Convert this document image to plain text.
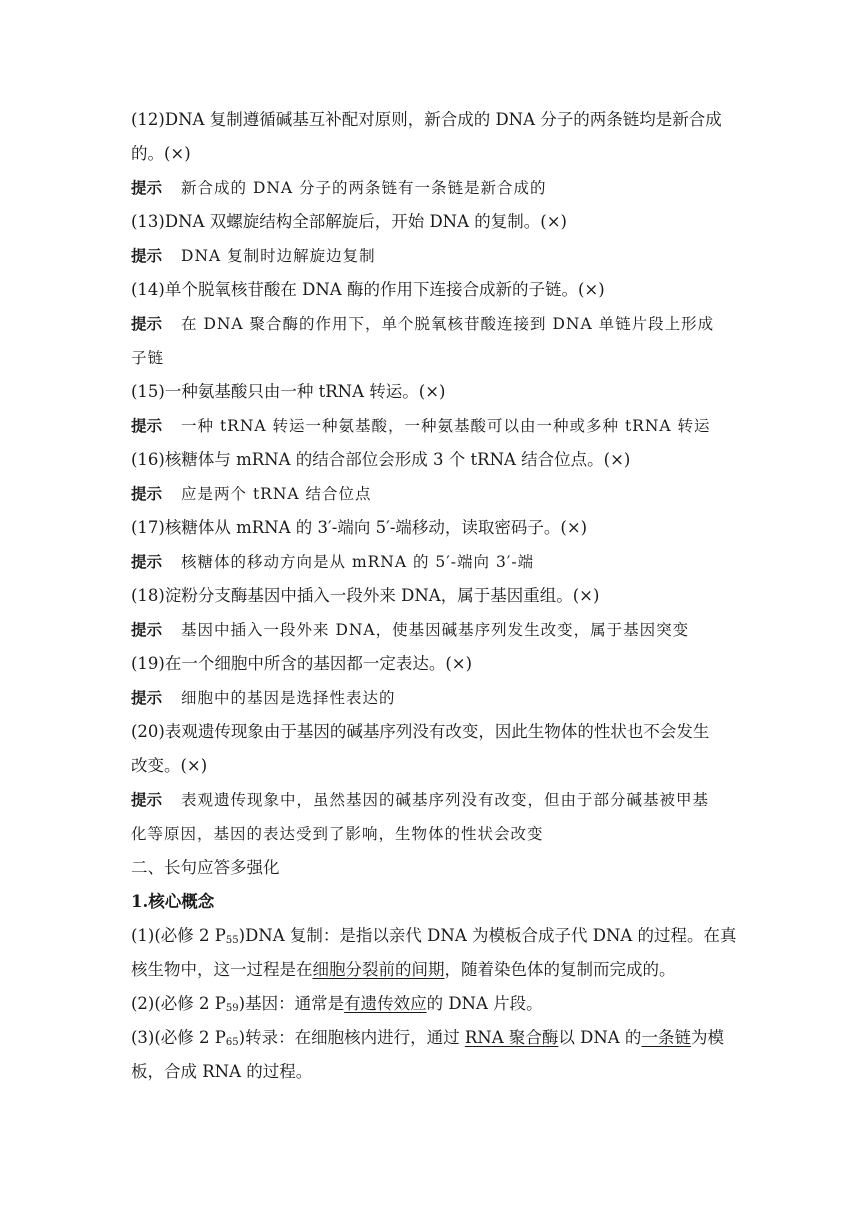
(12)DNA 复制遵循碱基互补配对原则，新合成的 DNA 分子的两条链均是新合成
的。(×)
提示 新合成的 DNA 分子的两条链有一条链是新合成的
(13)DNA 双螺旋结构全部解旋后，开始 DNA 的复制。(×)
提示 DNA 复制时边解旋边复制
(14)单个脱氧核苷酸在 DNA 酶的作用下连接合成新的子链。(×)
提示 在 DNA 聚合酶的作用下，单个脱氧核苷酸连接到 DNA 单链片段上形成
子链
(15)一种氨基酸只由一种 tRNA 转运。(×)
提示 一种 tRNA 转运一种氨基酸，一种氨基酸可以由一种或多种 tRNA 转运
(16)核糖体与 mRNA 的结合部位会形成 3 个 tRNA 结合位点。(×)
提示 应是两个 tRNA 结合位点
(17)核糖体从 mRNA 的 3′-端向 5′-端移动，读取密码子。(×)
提示 核糖体的移动方向是从 mRNA 的 5′-端向 3′-端
(18)淀粉分支酶基因中插入一段外来 DNA，属于基因重组。(×)
提示 基因中插入一段外来 DNA，使基因碱基序列发生改变，属于基因突变
(19)在一个细胞中所含的基因都一定表达。(×)
提示 细胞中的基因是选择性表达的
(20)表观遗传现象由于基因的碱基序列没有改变，因此生物体的性状也不会发生
改变。(×)
提示 表观遗传现象中，虽然基因的碱基序列没有改变，但由于部分碱基被甲基
化等原因，基因的表达受到了影响，生物体的性状会改变
二、长句应答多强化
1.核心概念
(1)(必修 2 $P_{55})DNA$ 复制：是指以亲代 DNA 为模板合成子代 DNA 的过程。在真
核生物中，这一过程是在细胞分裂前的间期，随着染色体的复制而完成的。
(2)(必修 2 $P_{59}$)基因：通常是有遗传效应的 DNA 片段。
(3)(必修 2 $P_{65}$)转录：在细胞核内进行，通过 RNA 聚合酶以 DNA 的一条链为模
板，合成 RNA 的过程。
